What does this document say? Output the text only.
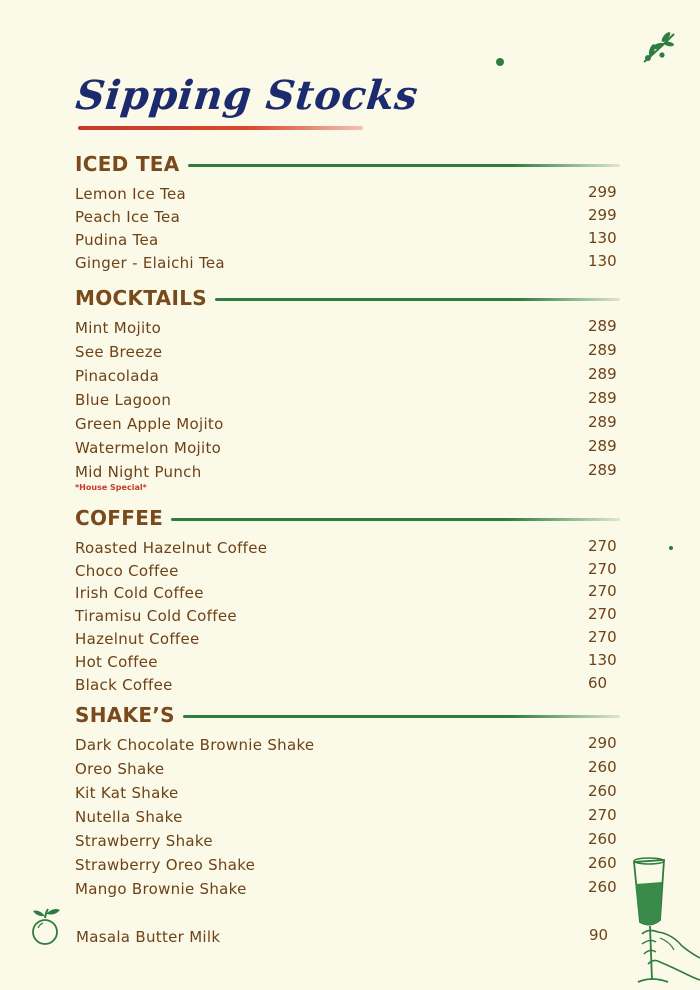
Sipping Stocks
ICED TEA
Lemon Ice Tea	299
Peach Ice Tea	299
Pudina Tea	130
Ginger - Elaichi Tea	130
MOCKTAILS
Mint Mojito	289
See Breeze	289
Pinacolada	289
Blue Lagoon	289
Green Apple Mojito	289
Watermelon Mojito	289
Mid Night Punch	289
*House Special*
COFFEE
Roasted Hazelnut Coffee	270
Choco Coffee	270
Irish Cold Coffee	270
Tiramisu Cold Coffee	270
Hazelnut Coffee	270
Hot Coffee	130
Black Coffee	60
SHAKE’S
Dark Chocolate Brownie Shake	290
Oreo Shake	260
Kit Kat Shake	260
Nutella Shake	270
Strawberry Shake	260
Strawberry Oreo Shake	260
Mango Brownie Shake	260
Masala Butter Milk	90
